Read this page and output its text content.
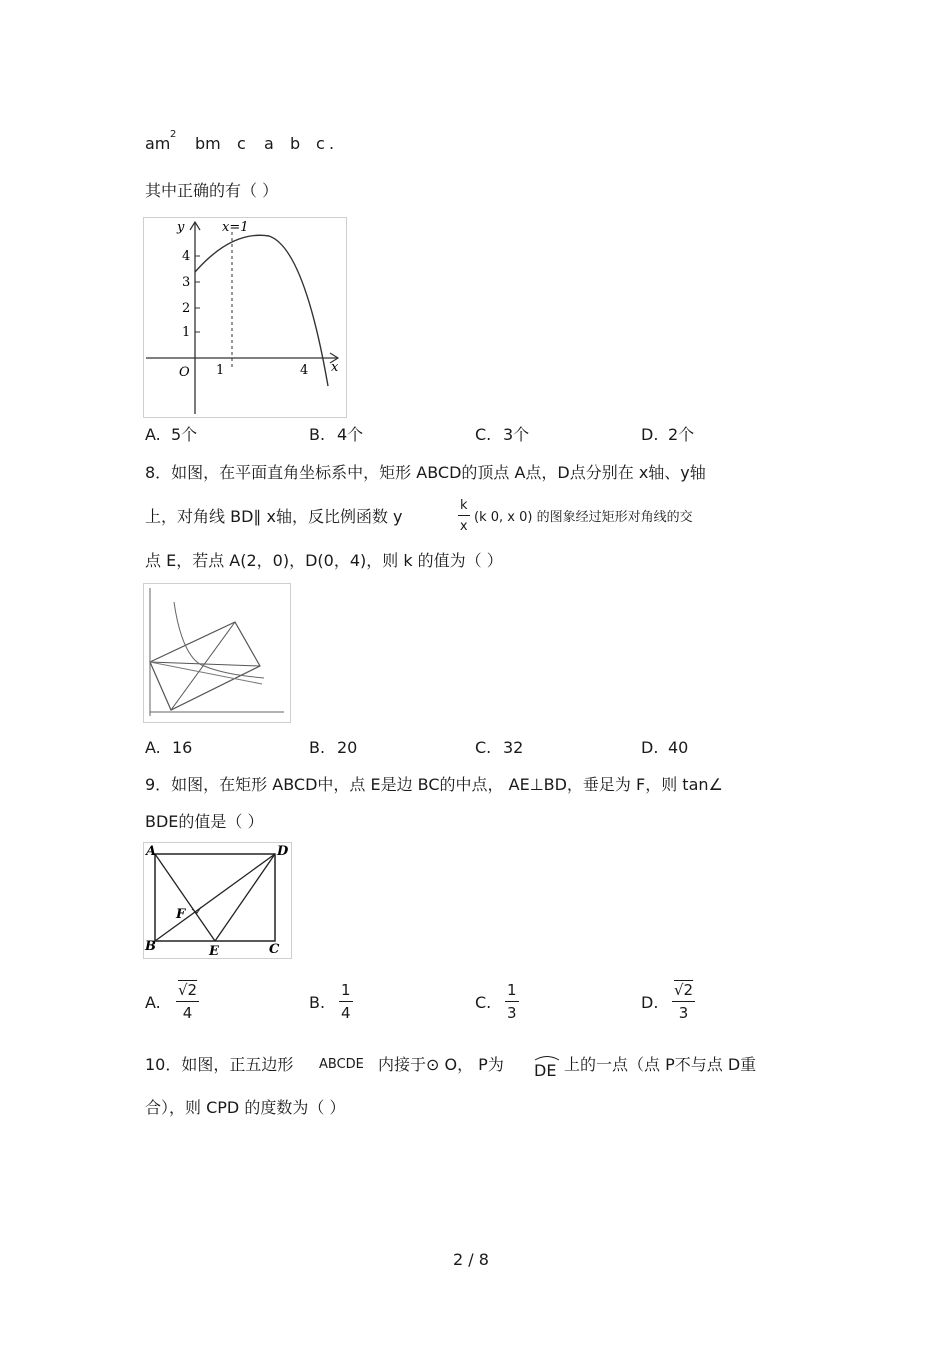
am 2 bm c a b c .
其中正确的有（ ）
y
x
O
x=1
4
3
2
1
1	4
A. 5个	B. 4个	C. 3个	D. 2个
8．如图，在平面直角坐标系中，矩形 ABCD的顶点 A点，D点分别在 x轴、y轴
上，对角线 BD∥ x轴，反比例函数 y	$\frac{k}{x} (k$ 0, x 0) 的图象经过矩形对角线的交
点 E，若点 A(2，0)，D(0，4)，则 k 的值为（ ）
A. 16	B. 20	C. 32	D. 40
9．如图，在矩形 ABCD中，点 E是边 BC的中点， AE⊥BD，垂足为 F，则 tan∠
BDE的值是（ ）
A	D
B	C
E
F
A. $\frac{√2}{4}$	B. $\frac{1}{4}$	C. $\frac{1}{3}$	D. $\frac{√2}{3}$
10．如图，正五边形 ABCDE 内接于⊙ O， P为 DE 上的一点（点 P不与点 D重
合），则 CPD 的度数为（ ）
2 / 8
